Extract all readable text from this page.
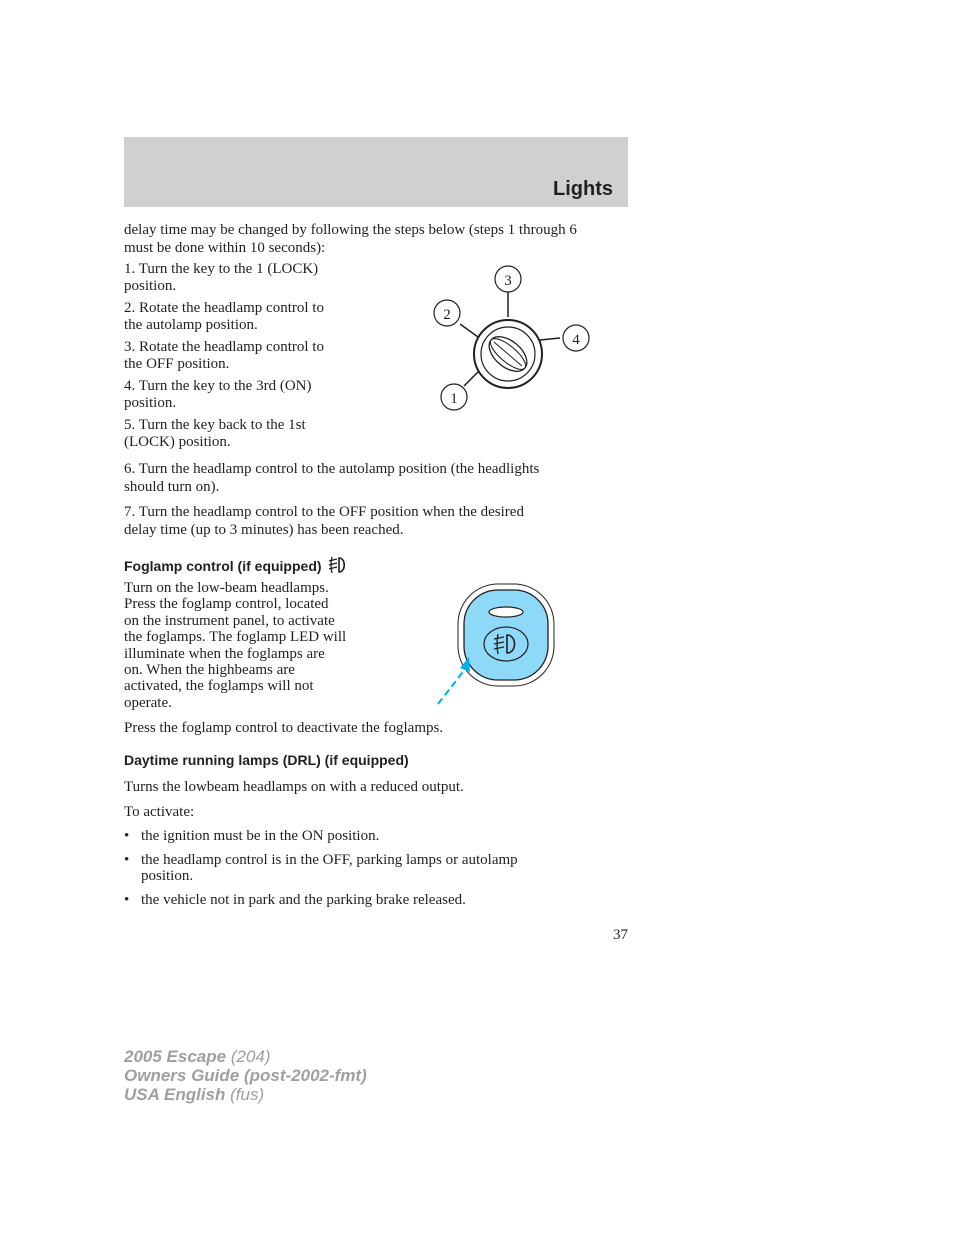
Lights
delay time may be changed by following the steps below (steps 1 through 6 must be done within 10 seconds):
1. Turn the key to the 1 (LOCK)
position.
2. Rotate the headlamp control to
the autolamp position.
3. Rotate the headlamp control to
the OFF position.
4. Turn the key to the 3rd (ON)
position.
5. Turn the key back to the 1st
(LOCK) position.
3
2
4
1
6. Turn the headlamp control to the autolamp position (the headlights
should turn on).
7. Turn the headlamp control to the OFF position when the desired
delay time (up to 3 minutes) has been reached.
Foglamp control (if equipped)
Turn on the low-beam headlamps.
Press the foglamp control, located
on the instrument panel, to activate
the foglamps. The foglamp LED will
illuminate when the foglamps are
on. When the highbeams are
activated, the foglamps will not
operate.
Press the foglamp control to deactivate the foglamps.
Daytime running lamps (DRL) (if equipped)
Turns the lowbeam headlamps on with a reduced output.
To activate:
• the ignition must be in the ON position.
• the headlamp control is in the OFF, parking lamps or autolamp
position.
• the vehicle not in park and the parking brake released.
37
2005 Escape (204)
Owners Guide (post-2002-fmt)
USA English (fus)
